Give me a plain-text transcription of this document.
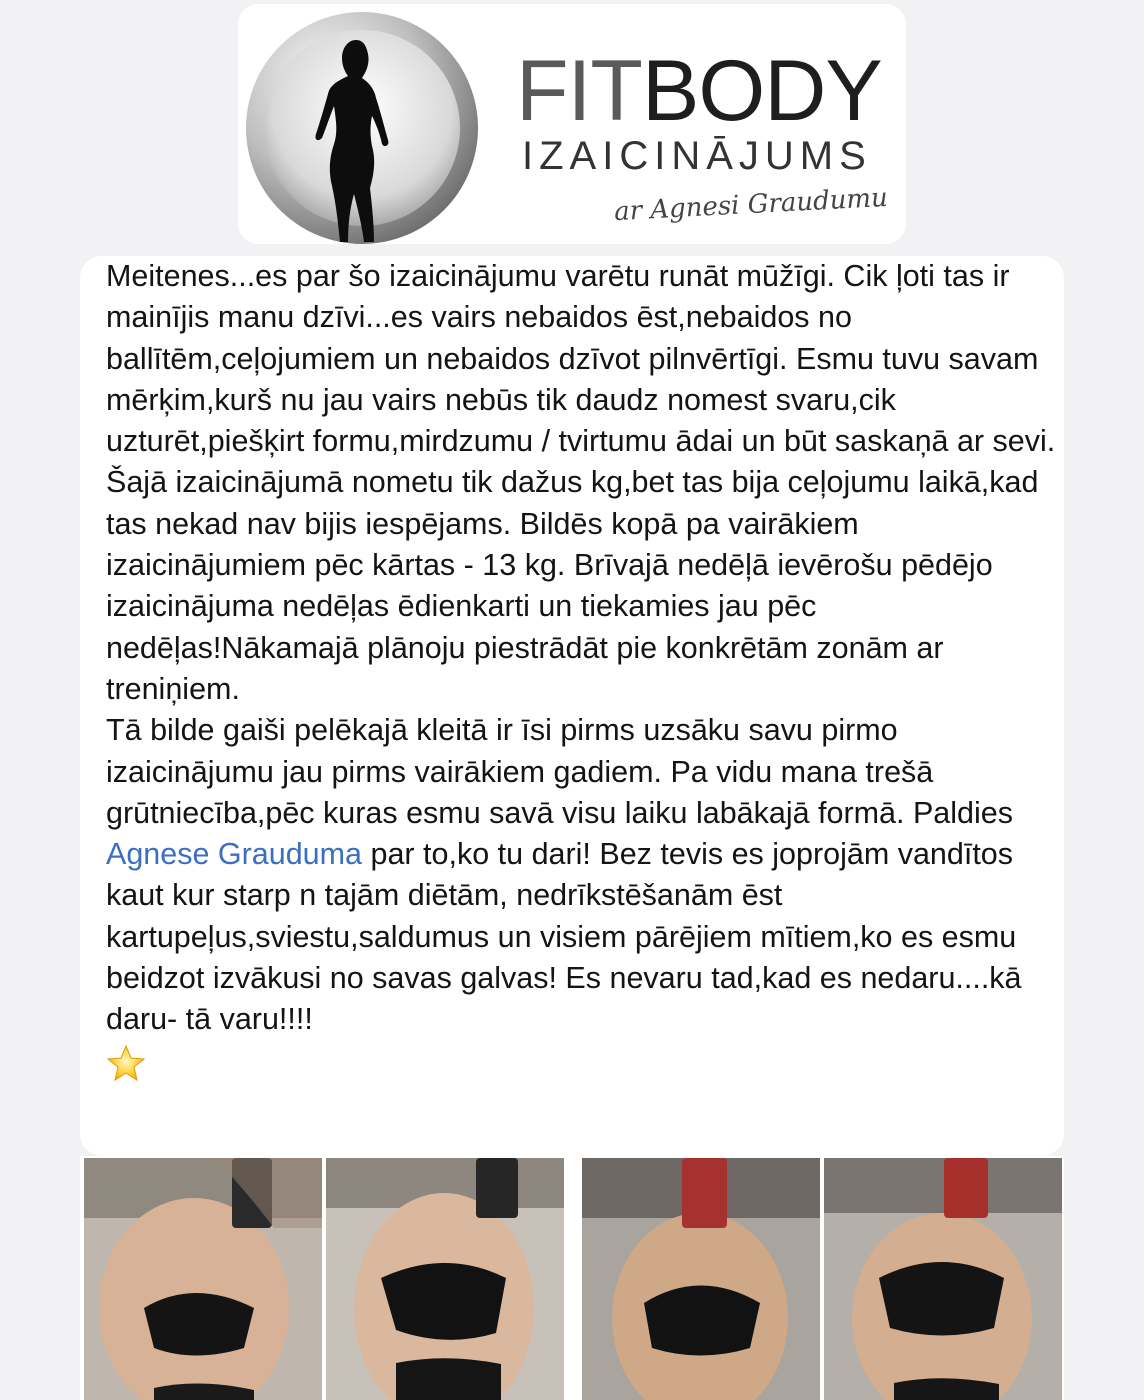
FITBODY
IZAICINĀJUMS
ar Agnesi Graudumu
Meitenes...es par šo izaicinājumu varētu runāt mūžīgi. Cik ļoti tas ir mainījis manu dzīvi...es vairs nebaidos ēst,nebaidos no ballītēm,ceļojumiem un nebaidos dzīvot pilnvērtīgi. Esmu tuvu savam mērķim,kurš nu jau vairs nebūs tik daudz nomest svaru,cik uzturēt,piešķirt formu,mirdzumu / tvirtumu ādai un būt saskaņā ar sevi. Šajā izaicinājumā nometu tik dažus kg,bet tas bija ceļojumu laikā,kad tas nekad nav bijis iespējams. Bildēs kopā pa vairākiem izaicinājumiem pēc kārtas - 13 kg. Brīvajā nedēļā ievērošu pēdējo izaicinājuma nedēļas ēdienkarti un tiekamies jau pēc nedēļas!Nākamajā plānoju piestrādāt pie konkrētām zonām ar treniņiem.
Tā bilde gaiši pelēkajā kleitā ir īsi pirms uzsāku savu pirmo izaicinājumu jau pirms vairākiem gadiem. Pa vidu mana trešā grūtniecība,pēc kuras esmu savā visu laiku labākajā formā. Paldies Agnese Grauduma par to,ko tu dari! Bez tevis es joprojām vandītos kaut kur starp n tajām diētām, nedrīkstēšanām ēst kartupeļus,sviestu,saldumus un visiem pārējiem mītiem,ko es esmu beidzot izvākusi no savas galvas! Es nevaru tad,kad es nedaru....kā daru- tā varu!!!!
